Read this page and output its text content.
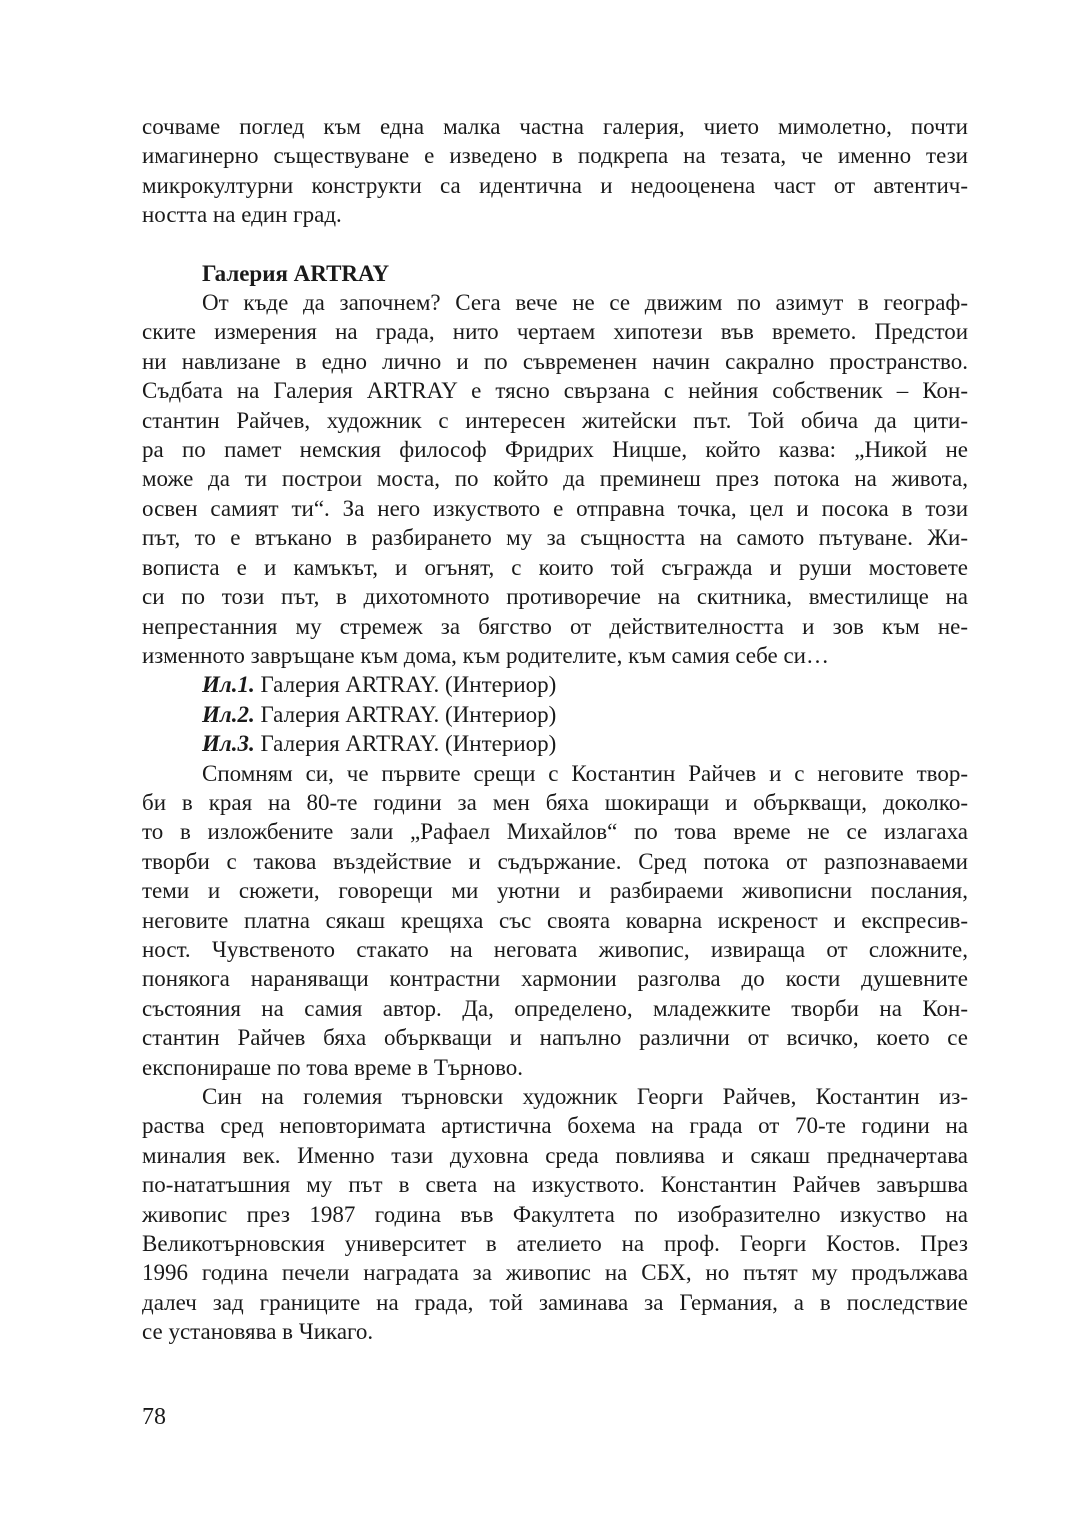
сочваме поглед към една малка частна галерия, чието мимолетно, почти

имагинерно съществуване е изведено в подкрепа на тезата, че именно тези

микрокултурни конструкти са идентична и недооценена част от автентич-

ността на един град.

Галерия ARTRAY

От къде да започнем? Сега вече не се движим по азимут в географ-

ските измерения на града, нито чертаем хипотези във времето. Предстои

ни навлизане в едно лично и по съвременен начин сакрално пространство.

Съдбата на Галерия ARTRAY е тясно свързана с нейния собственик – Кон-

стантин Райчев, художник с интересен житейски път. Той обича да цити-

ра по памет немския философ Фридрих Ницше, който казва: „Никой не

може да ти построи моста, по който да преминеш през потока на живота,

освен самият ти“. За него изкуството е отправна точка, цел и посока в този

път, то е втъкано в разбирането му за същността на самото пътуване. Жи-

вописта е и камъкът, и огънят, с които той съгражда и руши мостовете

си по този път, в дихотомното противоречие на скитника, вместилище на

непрестанния му стремеж за бягство от действителността и зов към не-

изменното завръщане към дома, към родителите, към самия себе си…

Ил.1. Галерия ARTRAY. (Интериор)

Ил.2. Галерия ARTRAY. (Интериор)

Ил.3. Галерия ARTRAY. (Интериор)

Спомням си, че първите срещи с Костантин Райчев и с неговите твор-

би в края на 80-те години за мен бяха шокиращи и объркващи, доколко-

то в изложбените зали „Рафаел Михайлов“ по това време не се излагаха

творби с такова въздействие и съдържание. Сред потока от разпознаваеми

теми и сюжети, говорещи ми уютни и разбираеми живописни послания,

неговите платна сякаш крещяха със своята коварна искреност и експресив-

ност. Чувственото стакато на неговата живопис, извираща от сложните,

понякога нараняващи контрастни хармонии разголва до кости душевните

състояния на самия автор. Да, определено, младежките творби на Кон-

стантин Райчев бяха объркващи и напълно различни от всичко, което се

експонираше по това време в Търново.

Син на големия търновски художник Георги Райчев, Костантин из-

раства сред неповторимата артистична бохема на града от 70-те години на

миналия век. Именно тази духовна среда повлиява и сякаш предначертава

по-нататъшния му път в света на изкуството. Константин Райчев завършва

живопис през 1987 година във Факултета по изобразително изкуство на

Великотърновския университет в ателието на проф. Георги Костов. През

1996 година печели наградата за живопис на СБХ, но пътят му продължава

далеч зад границите на града, той заминава за Германия, а в последствие

се установява в Чикаго.

78
